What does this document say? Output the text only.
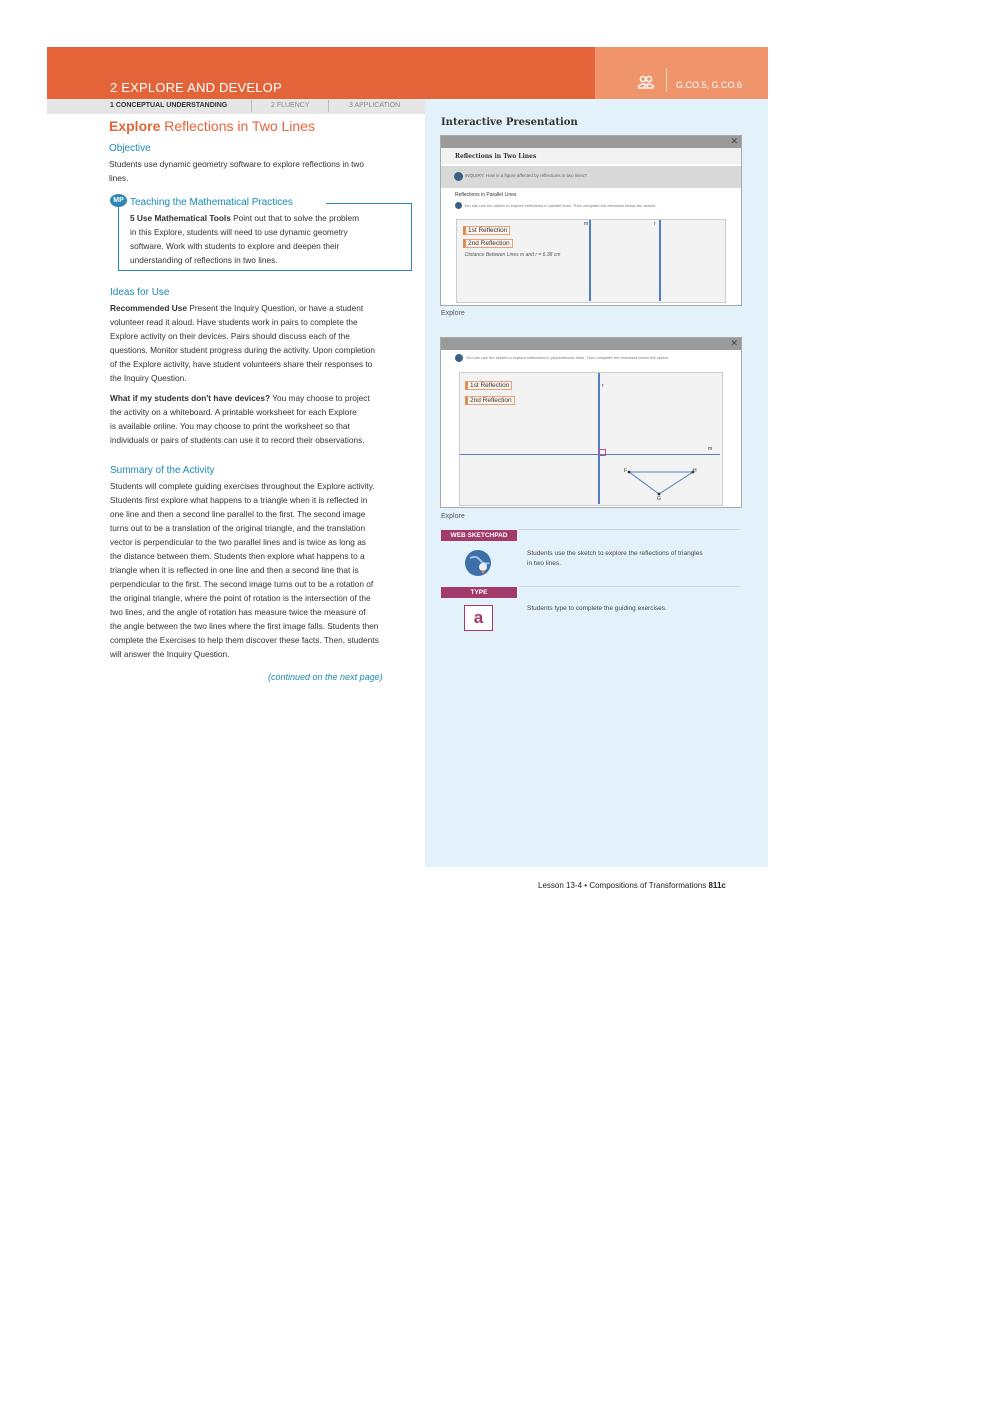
2 EXPLORE AND DEVELOP	G.CO.5, G.CO.6
1 CONCEPTUAL UNDERSTANDING	2 FLUENCY	3 APPLICATION
Explore Reflections in Two Lines
Objective
Students use dynamic geometry software to explore reflections in two
lines.
MP Teaching the Mathematical Practices
5 Use Mathematical Tools Point out that to solve the problem
in this Explore, students will need to use dynamic geometry
software. Work with students to explore and deepen their
understanding of reflections in two lines.
Ideas for Use
Recommended Use Present the Inquiry Question, or have a student
volunteer read it aloud. Have students work in pairs to complete the
Explore activity on their devices. Pairs should discuss each of the
questions. Monitor student progress during the activity. Upon completion
of the Explore activity, have student volunteers share their responses to
the Inquiry Question.
What if my students don't have devices? You may choose to project
the activity on a whiteboard. A printable worksheet for each Explore
is available online. You may choose to print the worksheet so that
individuals or pairs of students can use it to record their observations.
Summary of the Activity
Students will complete guiding exercises throughout the Explore activity.
Students first explore what happens to a triangle when it is reflected in
one line and then a second line parallel to the first. The second image
turns out to be a translation of the original triangle, and the translation
vector is perpendicular to the two parallel lines and is twice as long as
the distance between them. Students then explore what happens to a
triangle when it is reflected in one line and then a second line that is
perpendicular to the first. The second image turns out to be a rotation of
the original triangle, where the point of rotation is the intersection of the
two lines, and the angle of rotation has measure twice the measure of
the angle between the two lines where the first image falls. Students then
complete the Exercises to help them discover these facts. Then, students
will answer the Inquiry Question.
(continued on the next page)
Interactive Presentation
✕
Reflections in Two Lines
INQUIRY: How is a figure affected by reflections in two lines?
Reflections in Parallel Lines
You can use the sketch to explore reflections in parallel lines. Then complete the exercises below the sketch.
m	r
1st Reflection
2nd Reflection
Distance Between Lines m and r = 6.38 cm
Explore
✕
You can use the sketch to explore reflections in perpendicular lines. Then complete the exercises below the sketch.
r
m
1st Reflection
2nd Reflection
F	H
G
Explore
WEB SKETCHPAD
Students use the sketch to explore the reflections of triangles
in two lines.
TYPE
a	Students type to complete the guiding exercises.
Lesson 13-4 • Compositions of Transformations 811c
